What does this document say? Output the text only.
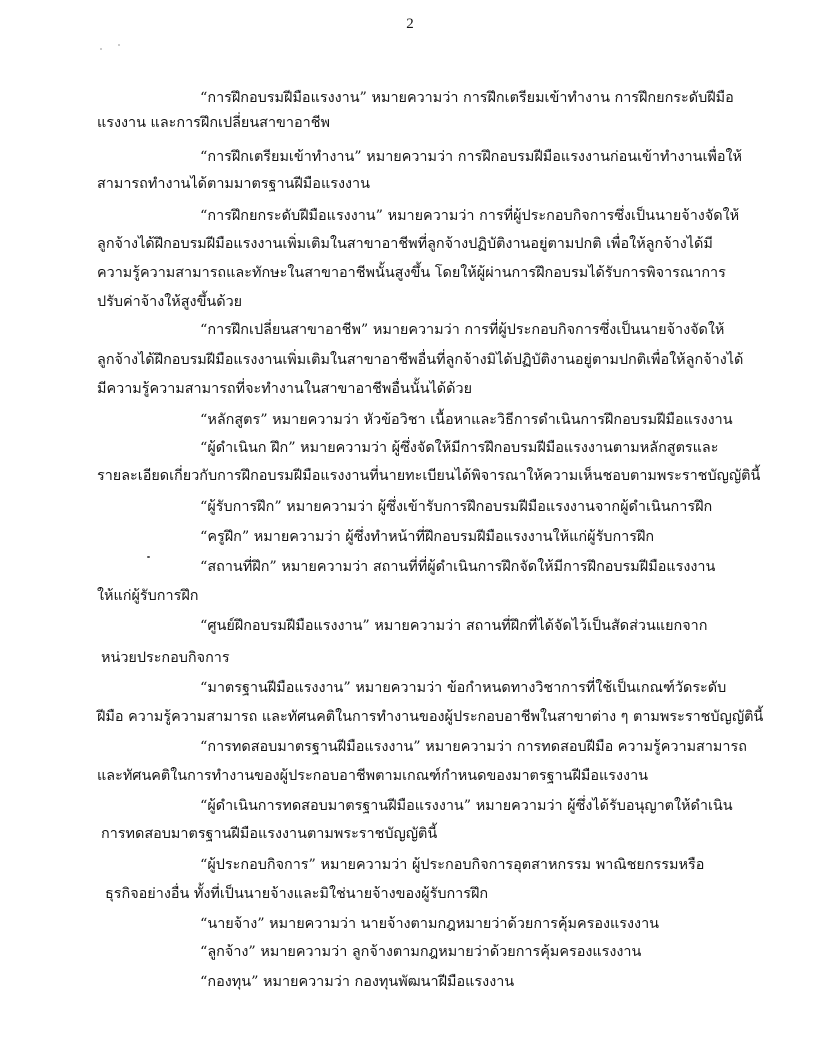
2
“การฝึกอบรมฝีมือแรงงาน” หมายความว่า การฝึกเตรียมเข้าทำงาน การฝึกยกระดับฝีมือ
แรงงาน และการฝึกเปลี่ยนสาขาอาชีพ
“การฝึกเตรียมเข้าทำงาน” หมายความว่า การฝึกอบรมฝีมือแรงงานก่อนเข้าทำงานเพื่อให้
สามารถทำงานได้ตามมาตรฐานฝีมือแรงงาน
“การฝึกยกระดับฝีมือแรงงาน” หมายความว่า การที่ผู้ประกอบกิจการซึ่งเป็นนายจ้างจัดให้
ลูกจ้างได้ฝึกอบรมฝีมือแรงงานเพิ่มเติมในสาขาอาชีพที่ลูกจ้างปฏิบัติงานอยู่ตามปกติ เพื่อให้ลูกจ้างได้มี
ความรู้ความสามารถและทักษะในสาขาอาชีพนั้นสูงขึ้น โดยให้ผู้ผ่านการฝึกอบรมได้รับการพิจารณาการ
ปรับค่าจ้างให้สูงขึ้นด้วย
“การฝึกเปลี่ยนสาขาอาชีพ” หมายความว่า การที่ผู้ประกอบกิจการซึ่งเป็นนายจ้างจัดให้
ลูกจ้างได้ฝึกอบรมฝีมือแรงงานเพิ่มเติมในสาขาอาชีพอื่นที่ลูกจ้างมิได้ปฏิบัติงานอยู่ตามปกติเพื่อให้ลูกจ้างได้
มีความรู้ความสามารถที่จะทำงานในสาขาอาชีพอื่นนั้นได้ด้วย
“หลักสูตร” หมายความว่า หัวข้อวิชา เนื้อหาและวิธีการดำเนินการฝึกอบรมฝีมือแรงงาน
“ผู้ดำเนินก ฝึก” หมายความว่า ผู้ซึ่งจัดให้มีการฝึกอบรมฝีมือแรงงานตามหลักสูตรและ
รายละเอียดเกี่ยวกับการฝึกอบรมฝีมือแรงงานที่นายทะเบียนได้พิจารณาให้ความเห็นชอบตามพระราชบัญญัตินี้
“ผู้รับการฝึก” หมายความว่า ผู้ซึ่งเข้ารับการฝึกอบรมฝีมือแรงงานจากผู้ดำเนินการฝึก
“ครูฝึก” หมายความว่า ผู้ซึ่งทำหน้าที่ฝึกอบรมฝีมือแรงงานให้แก่ผู้รับการฝึก
“สถานที่ฝึก” หมายความว่า สถานที่ที่ผู้ดำเนินการฝึกจัดให้มีการฝึกอบรมฝีมือแรงงาน
ให้แก่ผู้รับการฝึก
“ศูนย์ฝึกอบรมฝีมือแรงงาน” หมายความว่า สถานที่ฝึกที่ได้จัดไว้เป็นสัดส่วนแยกจาก
หน่วยประกอบกิจการ
“มาตรฐานฝีมือแรงงาน” หมายความว่า ข้อกำหนดทางวิชาการที่ใช้เป็นเกณฑ์วัดระดับ
ฝีมือ ความรู้ความสามารถ และทัศนคติในการทำงานของผู้ประกอบอาชีพในสาขาต่าง ๆ ตามพระราชบัญญัตินี้
“การทดสอบมาตรฐานฝีมือแรงงาน” หมายความว่า การทดสอบฝีมือ ความรู้ความสามารถ
และทัศนคติในการทำงานของผู้ประกอบอาชีพตามเกณฑ์กำหนดของมาตรฐานฝีมือแรงงาน
“ผู้ดำเนินการทดสอบมาตรฐานฝีมือแรงงาน” หมายความว่า ผู้ซึ่งได้รับอนุญาตให้ดำเนิน
การทดสอบมาตรฐานฝีมือแรงงานตามพระราชบัญญัตินี้
“ผู้ประกอบกิจการ” หมายความว่า ผู้ประกอบกิจการอุตสาหกรรม พาณิชยกรรมหรือ
ธุรกิจอย่างอื่น ทั้งที่เป็นนายจ้างและมิใช่นายจ้างของผู้รับการฝึก
“นายจ้าง” หมายความว่า นายจ้างตามกฎหมายว่าด้วยการคุ้มครองแรงงาน
“ลูกจ้าง” หมายความว่า ลูกจ้างตามกฎหมายว่าด้วยการคุ้มครองแรงงาน
“กองทุน” หมายความว่า กองทุนพัฒนาฝีมือแรงงาน
